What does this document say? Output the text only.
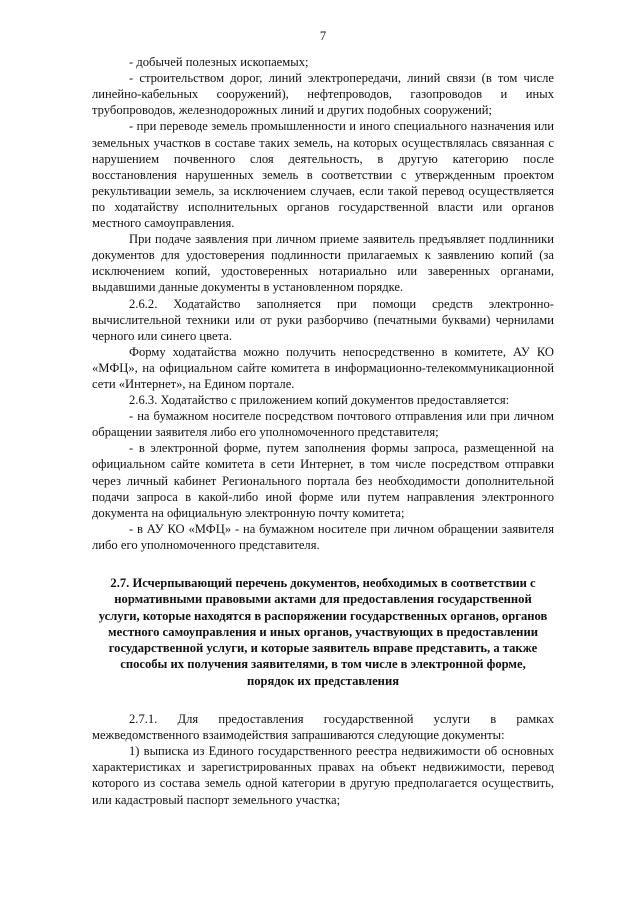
7

- добычей полезных ископаемых;

- строительством дорог, линий электропередачи, линий связи (в том числе линейно-кабельных сооружений), нефтепроводов, газопроводов и иных трубопроводов, железнодорожных линий и других подобных сооружений;

- при переводе земель промышленности и иного специального назначения или земельных участков в составе таких земель, на которых осуществлялась связанная с нарушением почвенного слоя деятельность, в другую категорию после восстановления нарушенных земель в соответствии с утвержденным проектом рекультивации земель, за исключением случаев, если такой перевод осуществляется по ходатайству исполнительных органов государственной власти или органов местного самоуправления.

При подаче заявления при личном приеме заявитель предъявляет подлинники документов для удостоверения подлинности прилагаемых к заявлению копий (за исключением копий, удостоверенных нотариально или заверенных органами, выдавшими данные документы в установленном порядке.

2.6.2. Ходатайство заполняется при помощи средств электронно-вычислительной техники или от руки разборчиво (печатными буквами) чернилами черного или синего цвета.

Форму ходатайства можно получить непосредственно в комитете, АУ КО «МФЦ», на официальном сайте комитета в информационно-телекоммуникационной сети «Интернет», на Едином портале.

2.6.3. Ходатайство с приложением копий документов предоставляется:

- на бумажном носителе посредством почтового отправления или при личном обращении заявителя либо его уполномоченного представителя;

- в электронной форме, путем заполнения формы запроса, размещенной на официальном сайте комитета в сети Интернет, в том числе посредством отправки через личный кабинет Регионального портала без необходимости дополнительной подачи запроса в какой-либо иной форме или путем направления электронного документа на официальную электронную почту комитета;

- в АУ КО «МФЦ» - на бумажном носителе при личном обращении заявителя либо его уполномоченного представителя.

2.7. Исчерпывающий перечень документов, необходимых в соответствии с нормативными правовыми актами для предоставления государственной услуги, которые находятся в распоряжении государственных органов, органов местного самоуправления и иных органов, участвующих в предоставлении государственной услуги, и которые заявитель вправе представить, а также способы их получения заявителями, в том числе в электронной форме, порядок их представления

2.7.1. Для предоставления государственной услуги в рамках межведомственного взаимодействия запрашиваются следующие документы:

1) выписка из Единого государственного реестра недвижимости об основных характеристиках и зарегистрированных правах на объект недвижимости, перевод которого из состава земель одной категории в другую предполагается осуществить, или кадастровый паспорт земельного участка;
